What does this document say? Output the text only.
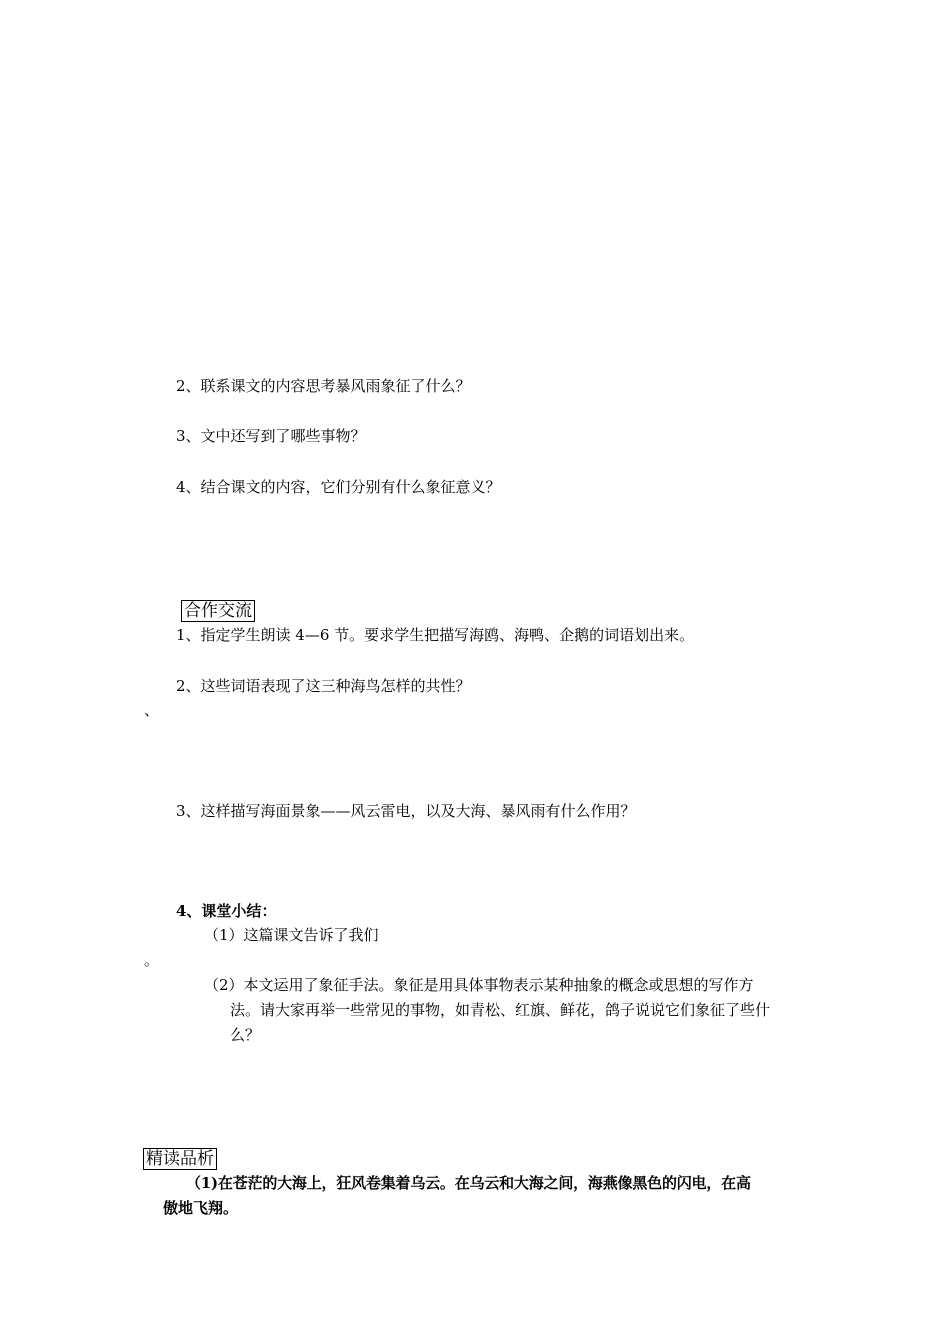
2、联系课文的内容思考暴风雨象征了什么？
3、文中还写到了哪些事物？
4、结合课文的内容，它们分别有什么象征意义？
合作交流
1、指定学生朗读 4—6 节。要求学生把描写海鸥、海鸭、企鹅的词语划出来。
2、这些词语表现了这三种海鸟怎样的共性？
、
3、这样描写海面景象——风云雷电，以及大海、暴风雨有什么作用？
4、课堂小结：
（1）这篇课文告诉了我们
。
（2）本文运用了象征手法。象征是用具体事物表示某种抽象的概念或思想的写作方
法。请大家再举一些常见的事物，如青松、红旗、鲜花，鸽子说说它们象征了些什
么？
精读品析
（1)在苍茫的大海上，狂风卷集着乌云。在乌云和大海之间，海燕像黑色的闪电，在高
傲地飞翔。
